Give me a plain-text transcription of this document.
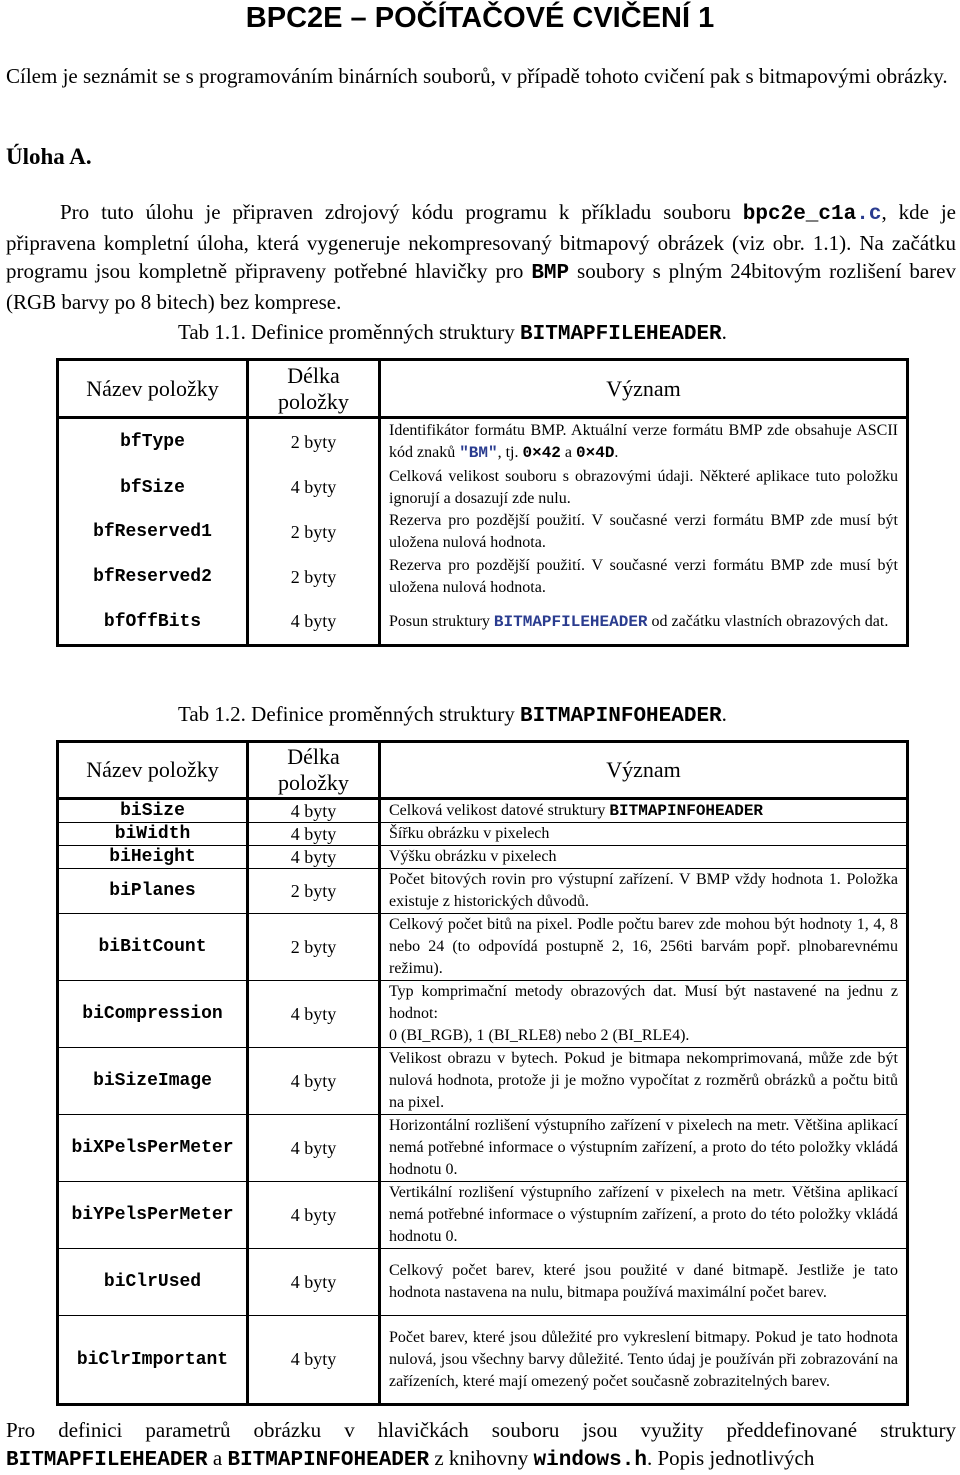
BPC2E – POČÍTAČOVÉ CVIČENÍ 1
Cílem je seznámit se s programováním binárních souborů, v případě tohoto cvičení pak s bitmapovými obrázky.
Úloha A.
Pro tuto úlohu je připraven zdrojový kódu programu k příkladu souboru bpc2e_c1a.c, kde je připravena kompletní úloha, která vygeneruje nekompresovaný bitmapový obrázek (viz obr. 1.1). Na začátku programu jsou kompletně připraveny potřebné hlavičky pro BMP soubory s plným 24bitovým rozlišení barev (RGB barvy po 8 bitech) bez komprese.
Tab 1.1. Definice proměnných struktury BITMAPFILEHEADER.
Název položky	Délka položky	Význam
bfType	2 byty	Identifikátor formátu BMP. Aktuální verze formátu BMP zde obsahuje ASCII kód znaků "BM", tj. 0×42 a 0×4D.
bfSize	4 byty	Celková velikost souboru s obrazovými údaji. Některé aplikace tuto položku ignorují a dosazují zde nulu.
bfReserved1	2 byty	Rezerva pro pozdější použití. V současné verzi formátu BMP zde musí být uložena nulová hodnota.
bfReserved2	2 byty	Rezerva pro pozdější použití. V současné verzi formátu BMP zde musí být uložena nulová hodnota.
bfOffBits	4 byty	Posun struktury BITMAPFILEHEADER od začátku vlastních obrazových dat.
Tab 1.2. Definice proměnných struktury BITMAPINFOHEADER.
Název položky	Délka položky	Význam
biSize	4 byty	Celková velikost datové struktury BITMAPINFOHEADER
biWidth	4 byty	Šířku obrázku v pixelech
biHeight	4 byty	Výšku obrázku v pixelech
biPlanes	2 byty	Počet bitových rovin pro výstupní zařízení. V BMP vždy hodnota 1. Položka existuje z historických důvodů.
biBitCount	2 byty	Celkový počet bitů na pixel. Podle počtu barev zde mohou být hodnoty 1, 4, 8 nebo 24 (to odpovídá postupně 2, 16, 256ti barvám popř. plnobarevnému režimu).
biCompression	4 byty	Typ komprimační metody obrazových dat. Musí být nastavené na jednu z hodnot:
0 (BI_RGB), 1 (BI_RLE8) nebo 2 (BI_RLE4).

biSizeImage	4 byty	Velikost obrazu v bytech. Pokud je bitmapa nekomprimovaná, může zde být nulová hodnota, protože ji je možno vypočítat z rozměrů obrázků a počtu bitů na pixel.
biXPelsPerMeter	4 byty	Horizontální rozlišení výstupního zařízení v pixelech na metr. Většina aplikací nemá potřebné informace o výstupním zařízení, a proto do této položky vkládá hodnotu 0.
biYPelsPerMeter	4 byty	Vertikální rozlišení výstupního zařízení v pixelech na metr. Většina aplikací nemá potřebné informace o výstupním zařízení, a proto do této položky vkládá hodnotu 0.
biClrUsed	4 byty	Celkový počet barev, které jsou použité v dané bitmapě. Jestliže je tato hodnota nastavena na nulu, bitmapa používá maximální počet barev.
biClrImportant	4 byty	Počet barev, které jsou důležité pro vykreslení bitmapy. Pokud je tato hodnota nulová, jsou všechny barvy důležité. Tento údaj je používán při zobrazování na zařízeních, které mají omezený počet současně zobrazitelných barev.
Pro definici parametrů obrázku v hlavičkách souboru jsou využity předdefinované struktury BITMAPFILEHEADER a BITMAPINFOHEADER z knihovny windows.h. Popis jednotlivých
